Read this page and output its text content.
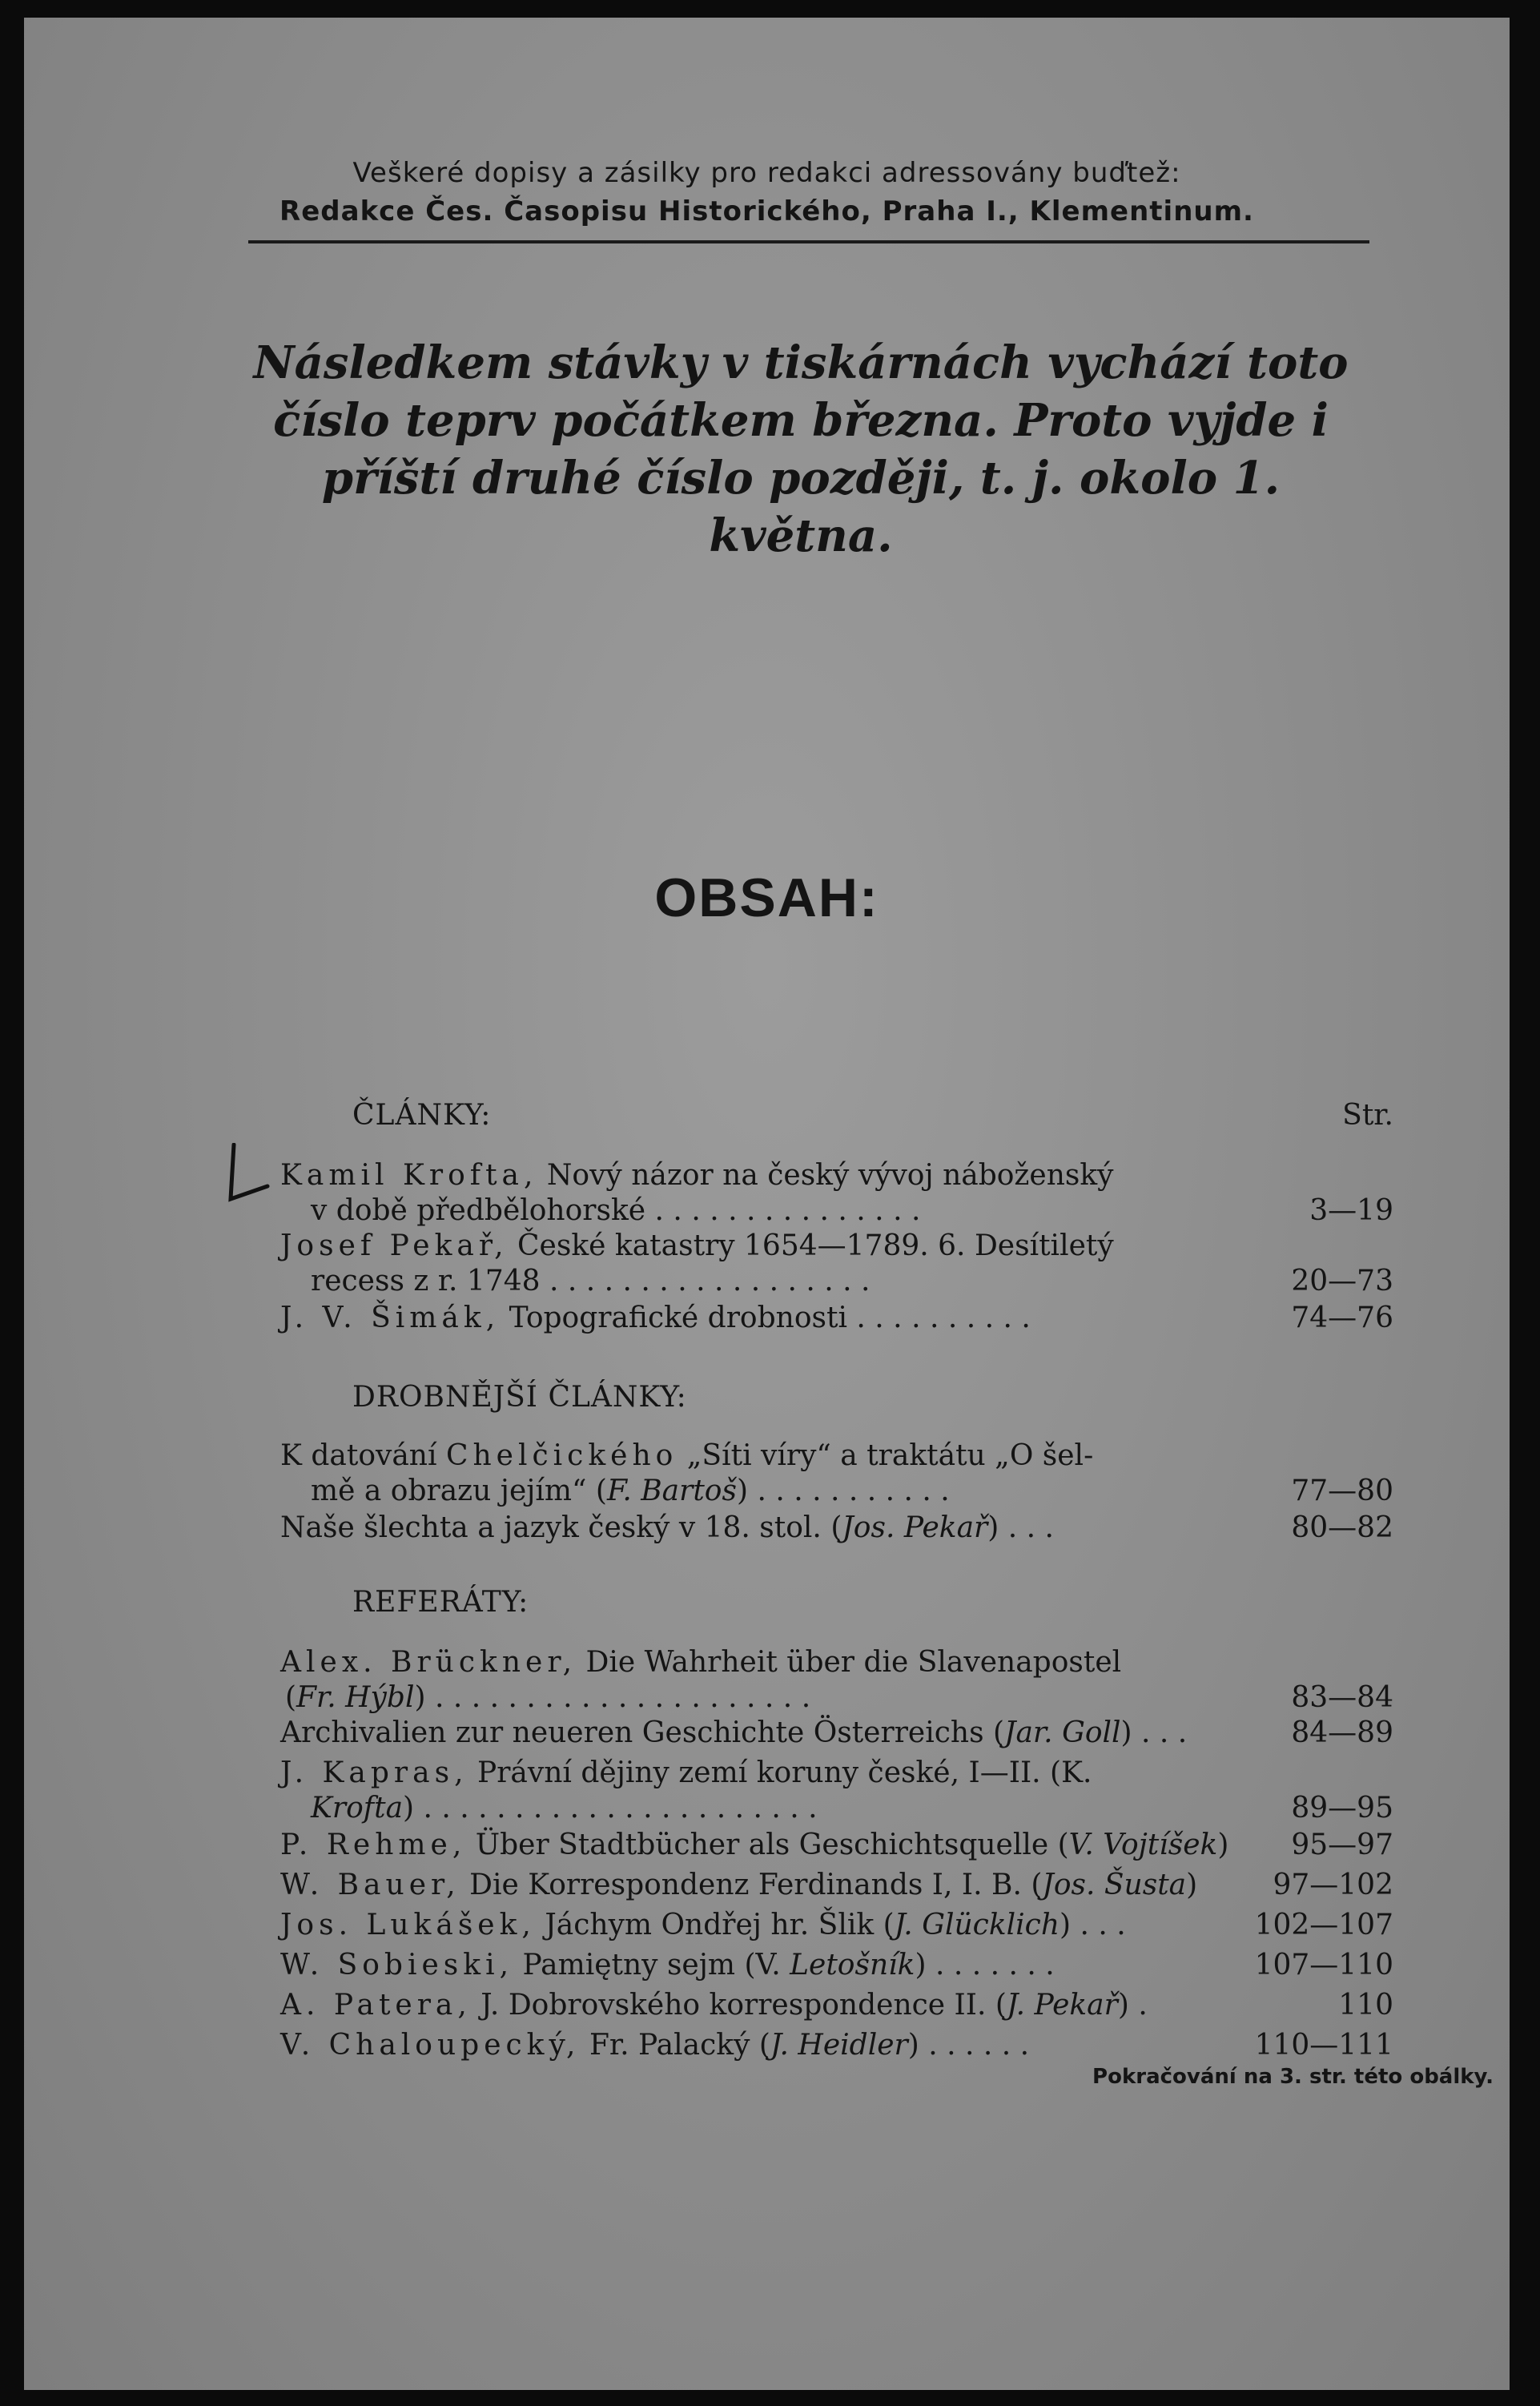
Veškeré dopisy a zásilky pro redakci adressovány buďtež:
Redakce Čes. Časopisu Historického, Praha I., Klementinum.
Následkem stávky v tiskárnách vychází toto číslo teprv počátkem března. Proto vyjde i příští druhé číslo později, t. j. okolo 1. května.
OBSAH:
ČLÁNKY:	Str.
Kamil Krofta, Nový názor na český vývoj náboženský
v době předbělohorské . . . . . . . . . . . . . . .	3—19
Josef Pekař, České katastry 1654—1789. 6. Desítiletý
recess z r. 1748 . . . . . . . . . . . . . . . . . .	20—73
J. V. Šimák, Topografické drobnosti . . . . . . . . . .	74—76
DROBNĚJŠÍ ČLÁNKY:
K datování Chelčického „Síti víry“ a traktátu „O šel-
mě a obrazu jejím“ (F. Bartoš) . . . . . . . . . . .	77—80
Naše šlechta a jazyk český v 18. stol. (Jos. Pekař) . . .	80—82
REFERÁTY:
Alex. Brückner, Die Wahrheit über die Slavenapostel
(Fr. Hýbl) . . . . . . . . . . . . . . . . . . . . .	83—84
Archivalien zur neueren Geschichte Österreichs (Jar. Goll) . . .	84—89
J. Kapras, Právní dějiny zemí koruny české, I—II. (K.
Krofta) . . . . . . . . . . . . . . . . . . . . . .	89—95
P. Rehme, Über Stadtbücher als Geschichtsquelle (V. Vojtíšek)	95—97
W. Bauer, Die Korrespondenz Ferdinands I, I. B. (Jos. Šusta)	97—102
Jos. Lukášek, Jáchym Ondřej hr. Šlik (J. Glücklich) . . .	102—107
W. Sobieski, Pamiętny sejm (V. Letošník) . . . . . . .	107—110
A. Patera, J. Dobrovského korrespondence II. (J. Pekař) .	110
V. Chaloupecký, Fr. Palacký (J. Heidler) . . . . . .	110—111
Pokračování na 3. str. této obálky.
